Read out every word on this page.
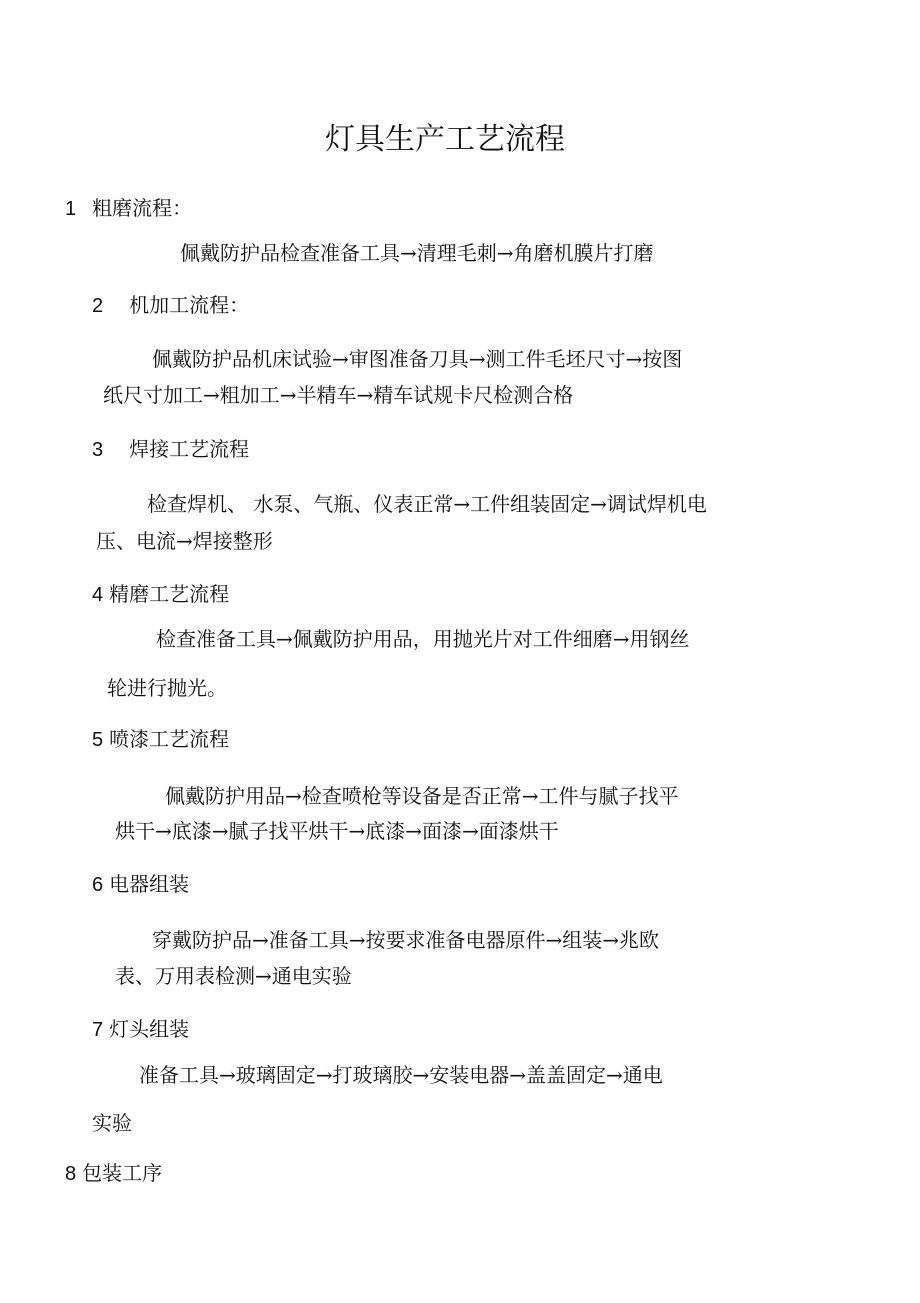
灯具生产工艺流程
1 粗磨流程：
佩戴防护品检查准备工具→清理毛刺→角磨机膜片打磨
2 机加工流程：
佩戴防护品机床试验→审图准备刀具→测工件毛坯尺寸→按图
纸尺寸加工→粗加工→半精车→精车试规卡尺检测合格
3 焊接工艺流程
检查焊机、 水泵、气瓶、仪表正常→工件组装固定→调试焊机电
压、电流→焊接整形
4 精磨工艺流程
检查准备工具→佩戴防护用品，用抛光片对工件细磨→用钢丝
轮进行抛光。
5 喷漆工艺流程
佩戴防护用品→检查喷枪等设备是否正常→工件与腻子找平
烘干→底漆→腻子找平烘干→底漆→面漆→面漆烘干
6 电器组装
穿戴防护品→准备工具→按要求准备电器原件→组装→兆欧
表、万用表检测→通电实验
7 灯头组装
准备工具→玻璃固定→打玻璃胶→安装电器→盖盖固定→通电
实验
8 包装工序
